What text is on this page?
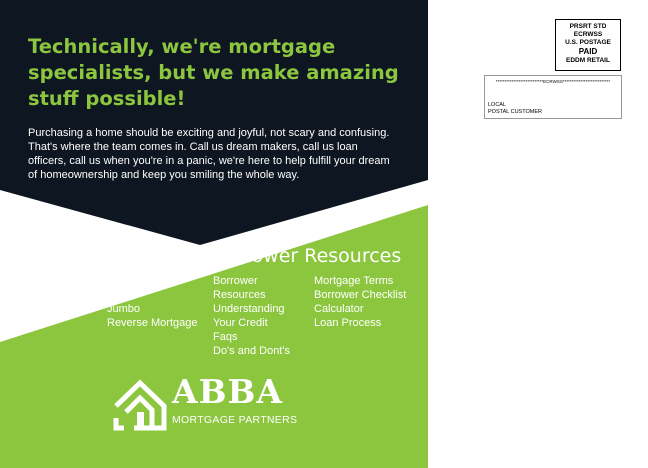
Technically, we're mortgage specialists, but we make amazing stuff possible!

Purchasing a home should be exciting and joyful, not scary and confusing. That's where the team comes in. Call us dream makers, call us loan officers, call us when you're in a panic, we're here to help fulfill your dream of homeownership and keep you smiling the whole way.

Loan Programs
Purchase
Refinance
Conventional
FHA
VA
USDA
Jumbo
Reverse Mortgage
Borrower Resources
Borrower
Resources
Understanding
Your Credit
Faqs
Do's and Dont's
Mortgage Terms
Borrower Checklist
Calculator
Loan Process
ABBA
MORTGAGE PARTNERS
PRSRT STD
ECRWSS
U.S. POSTAGE
PAID
EDDM RETAIL
***************************ECRWSS***************************
LOCAL
POSTAL CUSTOMER
